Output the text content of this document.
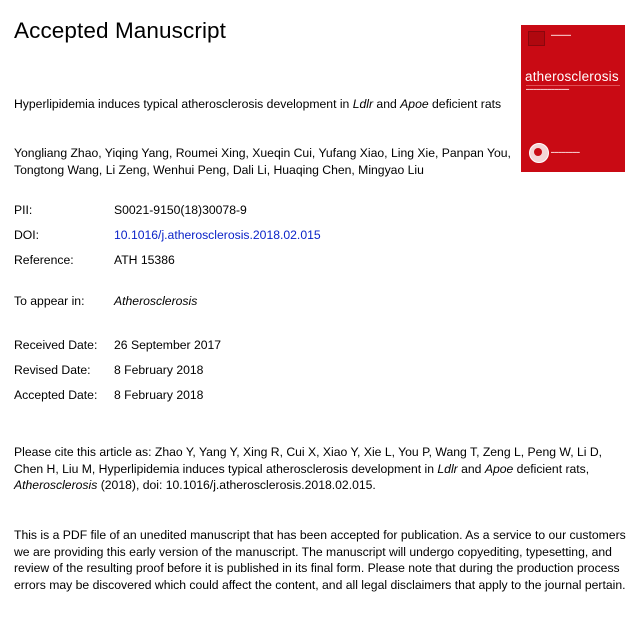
Accepted Manuscript	▬▬▬▬▬
atherosclerosis
▬▬▬▬▬▬▬▬▬▬▬▬
▬▬▬▬▬▬▬▬
Hyperlipidemia induces typical atherosclerosis development in Ldlr and Apoe deficient rats
Yongliang Zhao, Yiqing Yang, Roumei Xing, Xueqin Cui, Yufang Xiao, Ling Xie, Panpan You, Tongtong Wang, Li Zeng, Wenhui Peng, Dali Li, Huaqing Chen, Mingyao Liu
PII:	S0021-9150(18)30078-9
DOI:	10.1016/j.atherosclerosis.2018.02.015
Reference:	ATH 15386
To appear in: Atherosclerosis
Received Date: 26 September 2017
Revised Date: 8 February 2018
Accepted Date: 8 February 2018
Please cite this article as: Zhao Y, Yang Y, Xing R, Cui X, Xiao Y, Xie L, You P, Wang T, Zeng L, Peng W, Li D, Chen H, Liu M, Hyperlipidemia induces typical atherosclerosis development in Ldlr and Apoe deficient rats, Atherosclerosis (2018), doi: 10.1016/j.atherosclerosis.2018.02.015.
This is a PDF file of an unedited manuscript that has been accepted for publication. As a service to our customers we are providing this early version of the manuscript. The manuscript will undergo copyediting, typesetting, and review of the resulting proof before it is published in its final form. Please note that during the production process errors may be discovered which could affect the content, and all legal disclaimers that apply to the journal pertain.
